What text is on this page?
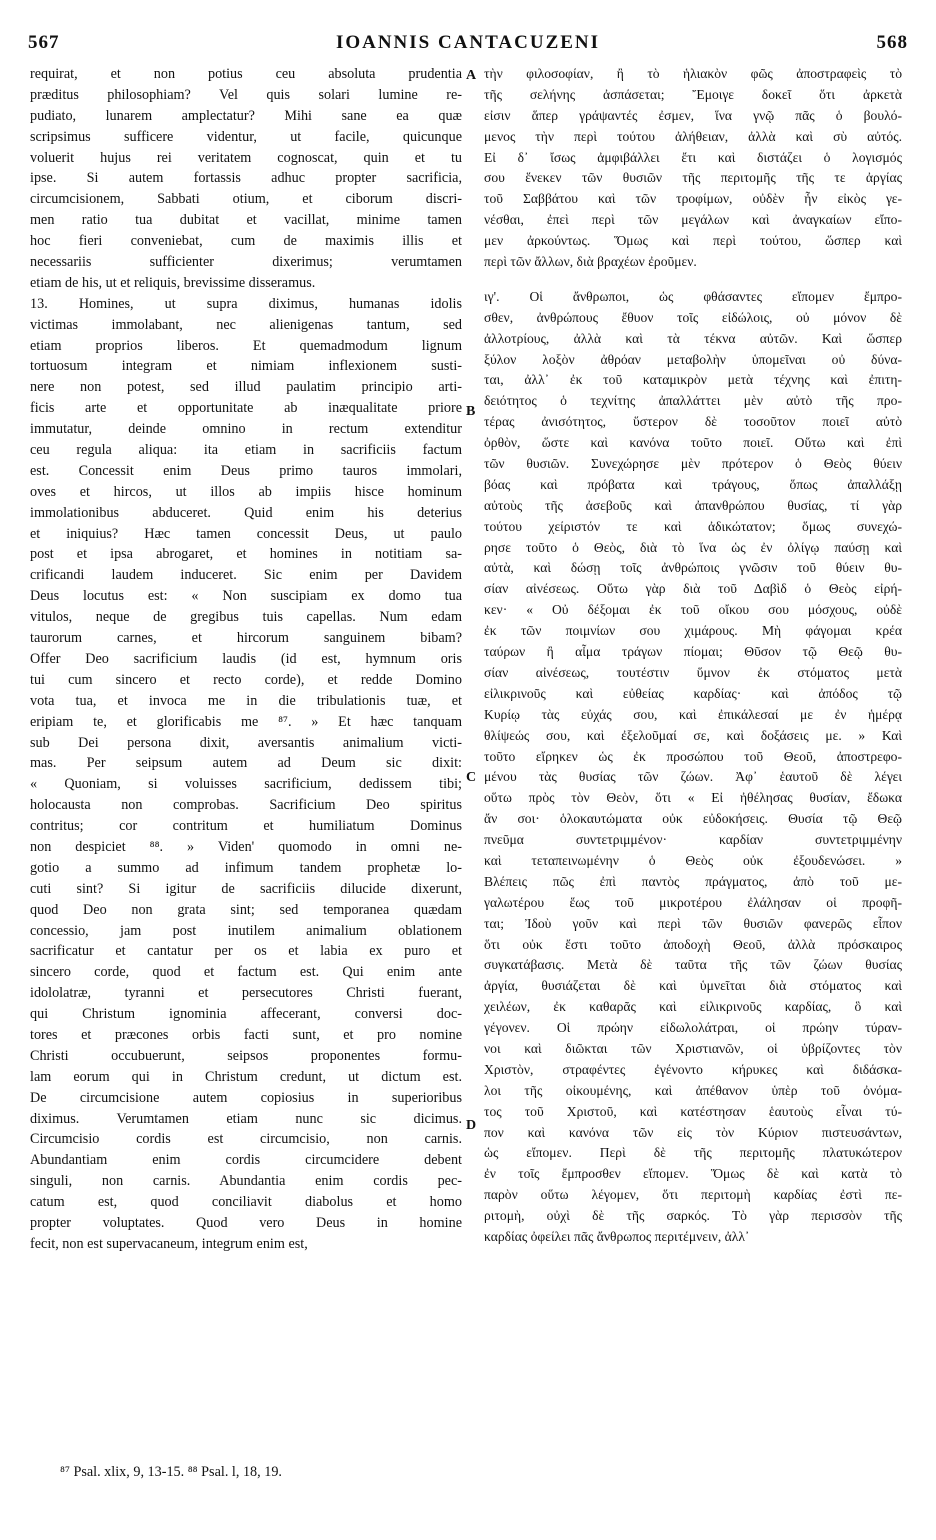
567	IOANNIS CANTACUZENI	568
requirat, et non potius ceu absoluta prudentia
præditus philosophiam? Vel quis solari lumine re-
pudiato, lunarem amplectatur? Mihi sane ea quæ
scripsimus sufficere videntur, ut facile, quicunque
voluerit hujus rei veritatem cognoscat, quin et tu
ipse. Si autem fortassis adhuc propter sacrificia,
circumcisionem, Sabbati otium, et ciborum discri-
men ratio tua dubitat et vacillat, minime tamen
hoc fieri conveniebat, cum de maximis illis et
necessariis sufficienter dixerimus; verumtamen
etiam de his, ut et reliquis, brevissime disseramus.
13. Homines, ut supra diximus, humanas idolis
victimas immolabant, nec alienigenas tantum, sed
etiam proprios liberos. Et quemadmodum lignum
tortuosum integram et nimiam inflexionem susti-
nere non potest, sed illud paulatim principio arti-
ficis arte et opportunitate ab inæqualitate priore
immutatur, deinde omnino in rectum extenditur
ceu regula aliqua: ita etiam in sacrificiis factum
est. Concessit enim Deus primo tauros immolari,
oves et hircos, ut illos ab impiis hisce hominum
immolationibus abduceret. Quid enim his deterius
et iniquius? Hæc tamen concessit Deus, ut paulo
post et ipsa abrogaret, et homines in notitiam sa-
crificandi laudem induceret. Sic enim per Davidem
Deus locutus est: « Non suscipiam ex domo tua
vitulos, neque de gregibus tuis capellas. Num edam
taurorum carnes, et hircorum sanguinem bibam?
Offer Deo sacrificium laudis (id est, hymnum oris
tui cum sincero et recto corde), et redde Domino
vota tua, et invoca me in die tribulationis tuæ, et
eripiam te, et glorificabis me ⁸⁷. » Et hæc tanquam
sub Dei persona dixit, aversantis animalium victi-
mas. Per seipsum autem ad Deum sic dixit:
« Quoniam, si voluisses sacrificium, dedissem tibi;
holocausta non comprobas. Sacrificium Deo spiritus
contritus; cor contritum et humiliatum Dominus
non despiciet ⁸⁸. » Viden' quomodo in omni ne-
gotio a summo ad infimum tandem prophetæ lo-
cuti sint? Si igitur de sacrificiis dilucide dixerunt,
quod Deo non grata sint; sed temporanea quædam
concessio, jam post inutilem animalium oblationem
sacrificatur et cantatur per os et labia ex puro et
sincero corde, quod et factum est. Qui enim ante
idololatræ, tyranni et persecutores Christi fuerant,
qui Christum ignominia affecerant, conversi doc-
tores et præcones orbis facti sunt, et pro nomine
Christi occubuerunt, seipsos proponentes formu-
lam eorum qui in Christum credunt, ut dictum est.
De circumcisione autem copiosius in superioribus
diximus. Verumtamen etiam nunc sic dicimus.
Circumcisio cordis est circumcisio, non carnis.
Abundantiam enim cordis circumcidere debent
singuli, non carnis. Abundantia enim cordis pec-
catum est, quod conciliavit diabolus et homo
propter voluptates. Quod vero Deus in homine
fecit, non est supervacaneum, integrum enim est,
A
B
C
D
τὴν φιλοσοφίαν, ἢ τὸ ἡλιακὸν φῶς ἀποστραφεὶς τὸ
τῆς σελήνης ἀσπάσεται; Ἔμοιγε δοκεῖ ὅτι ἀρκετὰ
εἰσιν ἅπερ γράψαντές ἐσμεν, ἵνα γνῷ πᾶς ὁ βουλό-
μενος τὴν περὶ τούτου ἀλήθειαν, ἀλλὰ καὶ σὺ αὐτός.
Εἰ δ᾿ ἴσως ἀμφιβάλλει ἔτι καὶ διστάζει ὁ λογισμός
σου ἕνεκεν τῶν θυσιῶν τῆς περιτομῆς τῆς τε ἀργίας
τοῦ Σαββάτου καὶ τῶν τροφίμων, οὐδὲν ἦν εἰκὸς γε-
νέσθαι, ἐπεὶ περὶ τῶν μεγάλων καὶ ἀναγκαίων εἴπο-
μεν ἀρκούντως. Ὅμως καὶ περὶ τούτου, ὥσπερ καὶ
περὶ τῶν ἄλλων, διὰ βραχέων ἐροῦμεν.
ιγ'. Οἱ ἄνθρωποι, ὡς φθάσαντες εἴπομεν ἔμπρο-
σθεν, ἀνθρώπους ἔθυον τοῖς εἰδώλοις, οὐ μόνον δὲ
ἀλλοτρίους, ἀλλὰ καὶ τὰ τέκνα αὐτῶν. Καὶ ὥσπερ
ξύλον λοξὸν ἀθρόαν μεταβολὴν ὑπομεῖναι οὐ δύνα-
ται, ἀλλ᾿ ἐκ τοῦ καταμικρὸν μετὰ τέχνης καὶ ἐπιτη-
δειότητος ὁ τεχνίτης ἀπαλλάττει μὲν αὐτὸ τῆς προ-
τέρας ἀνισότητος, ὕστερον δὲ τοσοῦτον ποιεῖ αὐτὸ
ὀρθὸν, ὥστε καὶ κανόνα τοῦτο ποιεῖ. Οὕτω καὶ ἐπὶ
τῶν θυσιῶν. Συνεχώρησε μὲν πρότερον ὁ Θεὸς θύειν
βόας καὶ πρόβατα καὶ τράγους, ὅπως ἀπαλλάξῃ
αὐτοὺς τῆς ἀσεβοῦς καὶ ἀπανθρώπου θυσίας, τί γὰρ
τούτου χείριστόν τε καὶ ἀδικώτατον; ὅμως συνεχώ-
ρησε τοῦτο ὁ Θεὸς, διὰ τὸ ἵνα ὡς ἐν ὀλίγῳ παύσῃ καὶ
αὐτὰ, καὶ δώσῃ τοῖς ἀνθρώποις γνῶσιν τοῦ θύειν θυ-
σίαν αἰνέσεως. Οὕτω γὰρ διὰ τοῦ Δαβὶδ ὁ Θεὸς εἰρή-
κεν· « Οὐ δέξομαι ἐκ τοῦ οἴκου σου μόσχους, οὐδὲ
ἐκ τῶν ποιμνίων σου χιμάρους. Μὴ φάγομαι κρέα
ταύρων ἢ αἷμα τράγων πίομαι; Θῦσον τῷ Θεῷ θυ-
σίαν αἰνέσεως, τουτέστιν ὕμνον ἐκ στόματος μετὰ
εἰλικρινοῦς καὶ εὐθείας καρδίας· καὶ ἀπόδος τῷ
Κυρίῳ τὰς εὐχάς σου, καὶ ἐπικάλεσαί με ἐν ἡμέρᾳ
θλίψεώς σου, καὶ ἐξελοῦμαί σε, καὶ δοξάσεις με. » Καὶ
τοῦτο εἴρηκεν ὡς ἐκ προσώπου τοῦ Θεοῦ, ἀποστρεφο-
μένου τὰς θυσίας τῶν ζώων. Ἀφ᾿ ἑαυτοῦ δὲ λέγει
οὕτω πρὸς τὸν Θεὸν, ὅτι « Εἰ ἠθέλησας θυσίαν, ἔδωκα
ἄν σοι· ὁλοκαυτώματα οὐκ εὐδοκήσεις. Θυσία τῷ Θεῷ
πνεῦμα συντετριμμένον· καρδίαν συντετριμμένην
καὶ τεταπεινωμένην ὁ Θεὸς οὐκ ἐξουδενώσει. »
Βλέπεις πῶς ἐπὶ παντὸς πράγματος, ἀπὸ τοῦ με-
γαλωτέρου ἕως τοῦ μικροτέρου ἐλάλησαν οἱ προφῆ-
ται; Ἰδοὺ γοῦν καὶ περὶ τῶν θυσιῶν φανερῶς εἶπον
ὅτι οὐκ ἔστι τοῦτο ἀποδοχὴ Θεοῦ, ἀλλὰ πρόσκαιρος
συγκατάβασις. Μετὰ δὲ ταῦτα τῆς τῶν ζώων θυσίας
ἀργία, θυσιάζεται δὲ καὶ ὑμνεῖται διὰ στόματος καὶ
χειλέων, ἐκ καθαρᾶς καὶ εἰλικρινοῦς καρδίας, ὃ καὶ
γέγονεν. Οἱ πρώην εἰδωλολάτραι, οἱ πρώην τύραν-
νοι καὶ διῶκται τῶν Χριστιανῶν, οἱ ὑβρίζοντες τὸν
Χριστὸν, στραφέντες ἐγένοντο κήρυκες καὶ διδάσκα-
λοι τῆς οἰκουμένης, καὶ ἀπέθανον ὑπὲρ τοῦ ὀνόμα-
τος τοῦ Χριστοῦ, καὶ κατέστησαν ἑαυτοὺς εἶναι τύ-
πον καὶ κανόνα τῶν εἰς τὸν Κύριον πιστευσάντων,
ὡς εἴπομεν. Περὶ δὲ τῆς περιτομῆς πλατυκώτερον
ἐν τοῖς ἔμπροσθεν εἴπομεν. Ὅμως δὲ καὶ κατὰ τὸ
παρὸν οὕτω λέγομεν, ὅτι περιτομὴ καρδίας ἐστὶ πε-
ριτομὴ, οὐχὶ δὲ τῆς σαρκός. Τὸ γὰρ περισσὸν τῆς
καρδίας ὀφείλει πᾶς ἄνθρωπος περιτέμνειν, ἀλλ᾿
⁸⁷ Psal. xlix, 9, 13-15. ⁸⁸ Psal. l, 18, 19.
